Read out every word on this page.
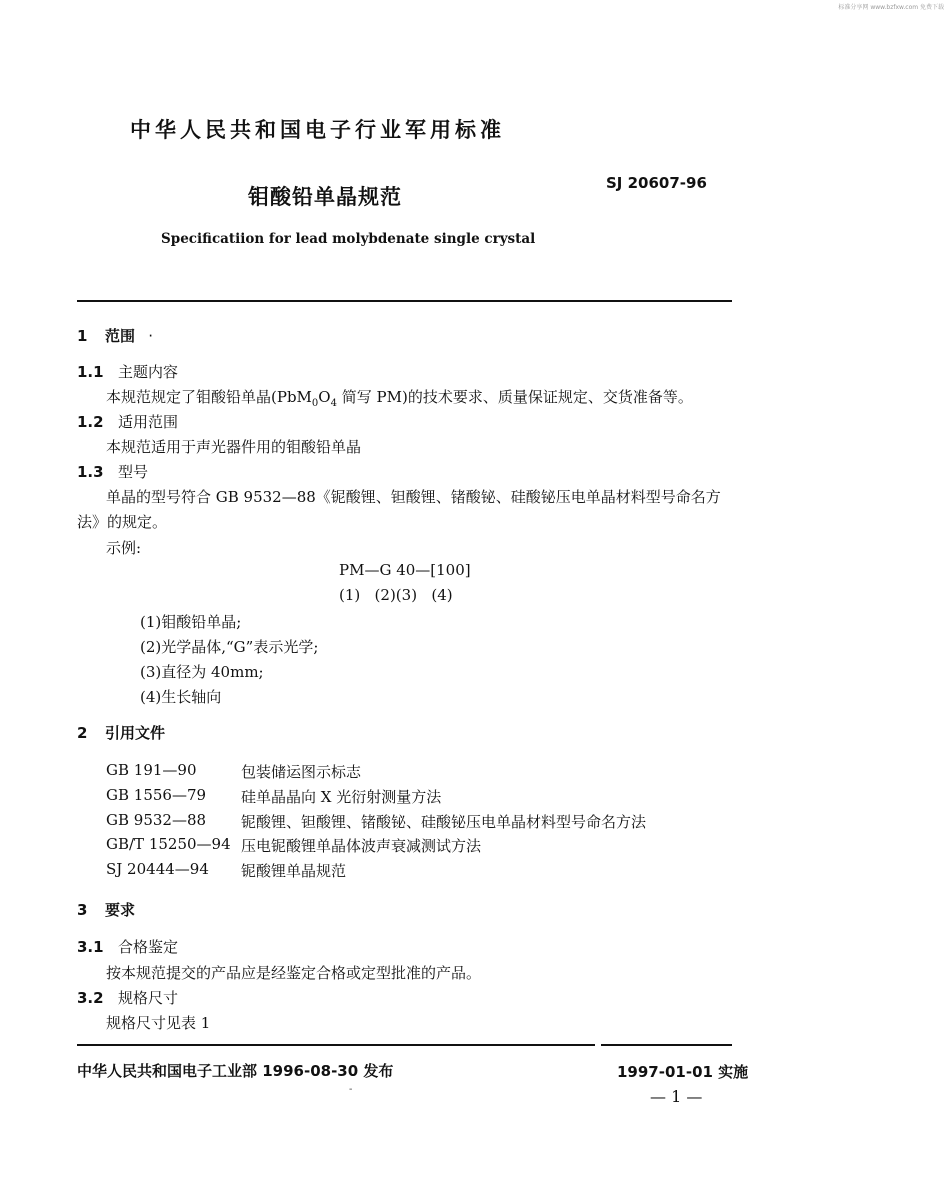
标准分享网 www.bzfxw.com 免费下载
中华人民共和国电子行业军用标准
钼酸铅单晶规范
SJ 20607-96
Specificatiion for lead molybdenate single crystal
1 范围 ·
1.1 主题内容
本规范规定了钼酸铅单晶($PbM_0O_4$ 简写 PM)的技术要求、质量保证规定、交货准备等。
1.2 适用范围
本规范适用于声光器件用的钼酸铅单晶
1.3 型号
单晶的型号符合 GB 9532—88《铌酸锂、钽酸锂、锗酸铋、硅酸铋压电单晶材料型号命名方
法》的规定。
示例:
PM—G 40—[100]
(1)   (2)(3)   (4)
(1)钼酸铅单晶;
(2)光学晶体,“G”表示光学;
(3)直径为 40mm;
(4)生长轴向
2 引用文件
GB 191—90	包装储运图示标志
GB 1556—79 硅单晶晶向 X 光衍射测量方法
GB 9532—88 铌酸锂、钽酸锂、锗酸铋、硅酸铋压电单晶材料型号命名方法
GB/T 15250—94 压电铌酸锂单晶体波声衰减测试方法
SJ 20444—94 铌酸锂单晶规范
3 要求
3.1 合格鉴定
按本规范提交的产品应是经鉴定合格或定型批准的产品。
3.2 规格尺寸
规格尺寸见表 1
中华人民共和国电子工业部 1996-08-30 发布	1997-01-01 实施
-	— 1 —
